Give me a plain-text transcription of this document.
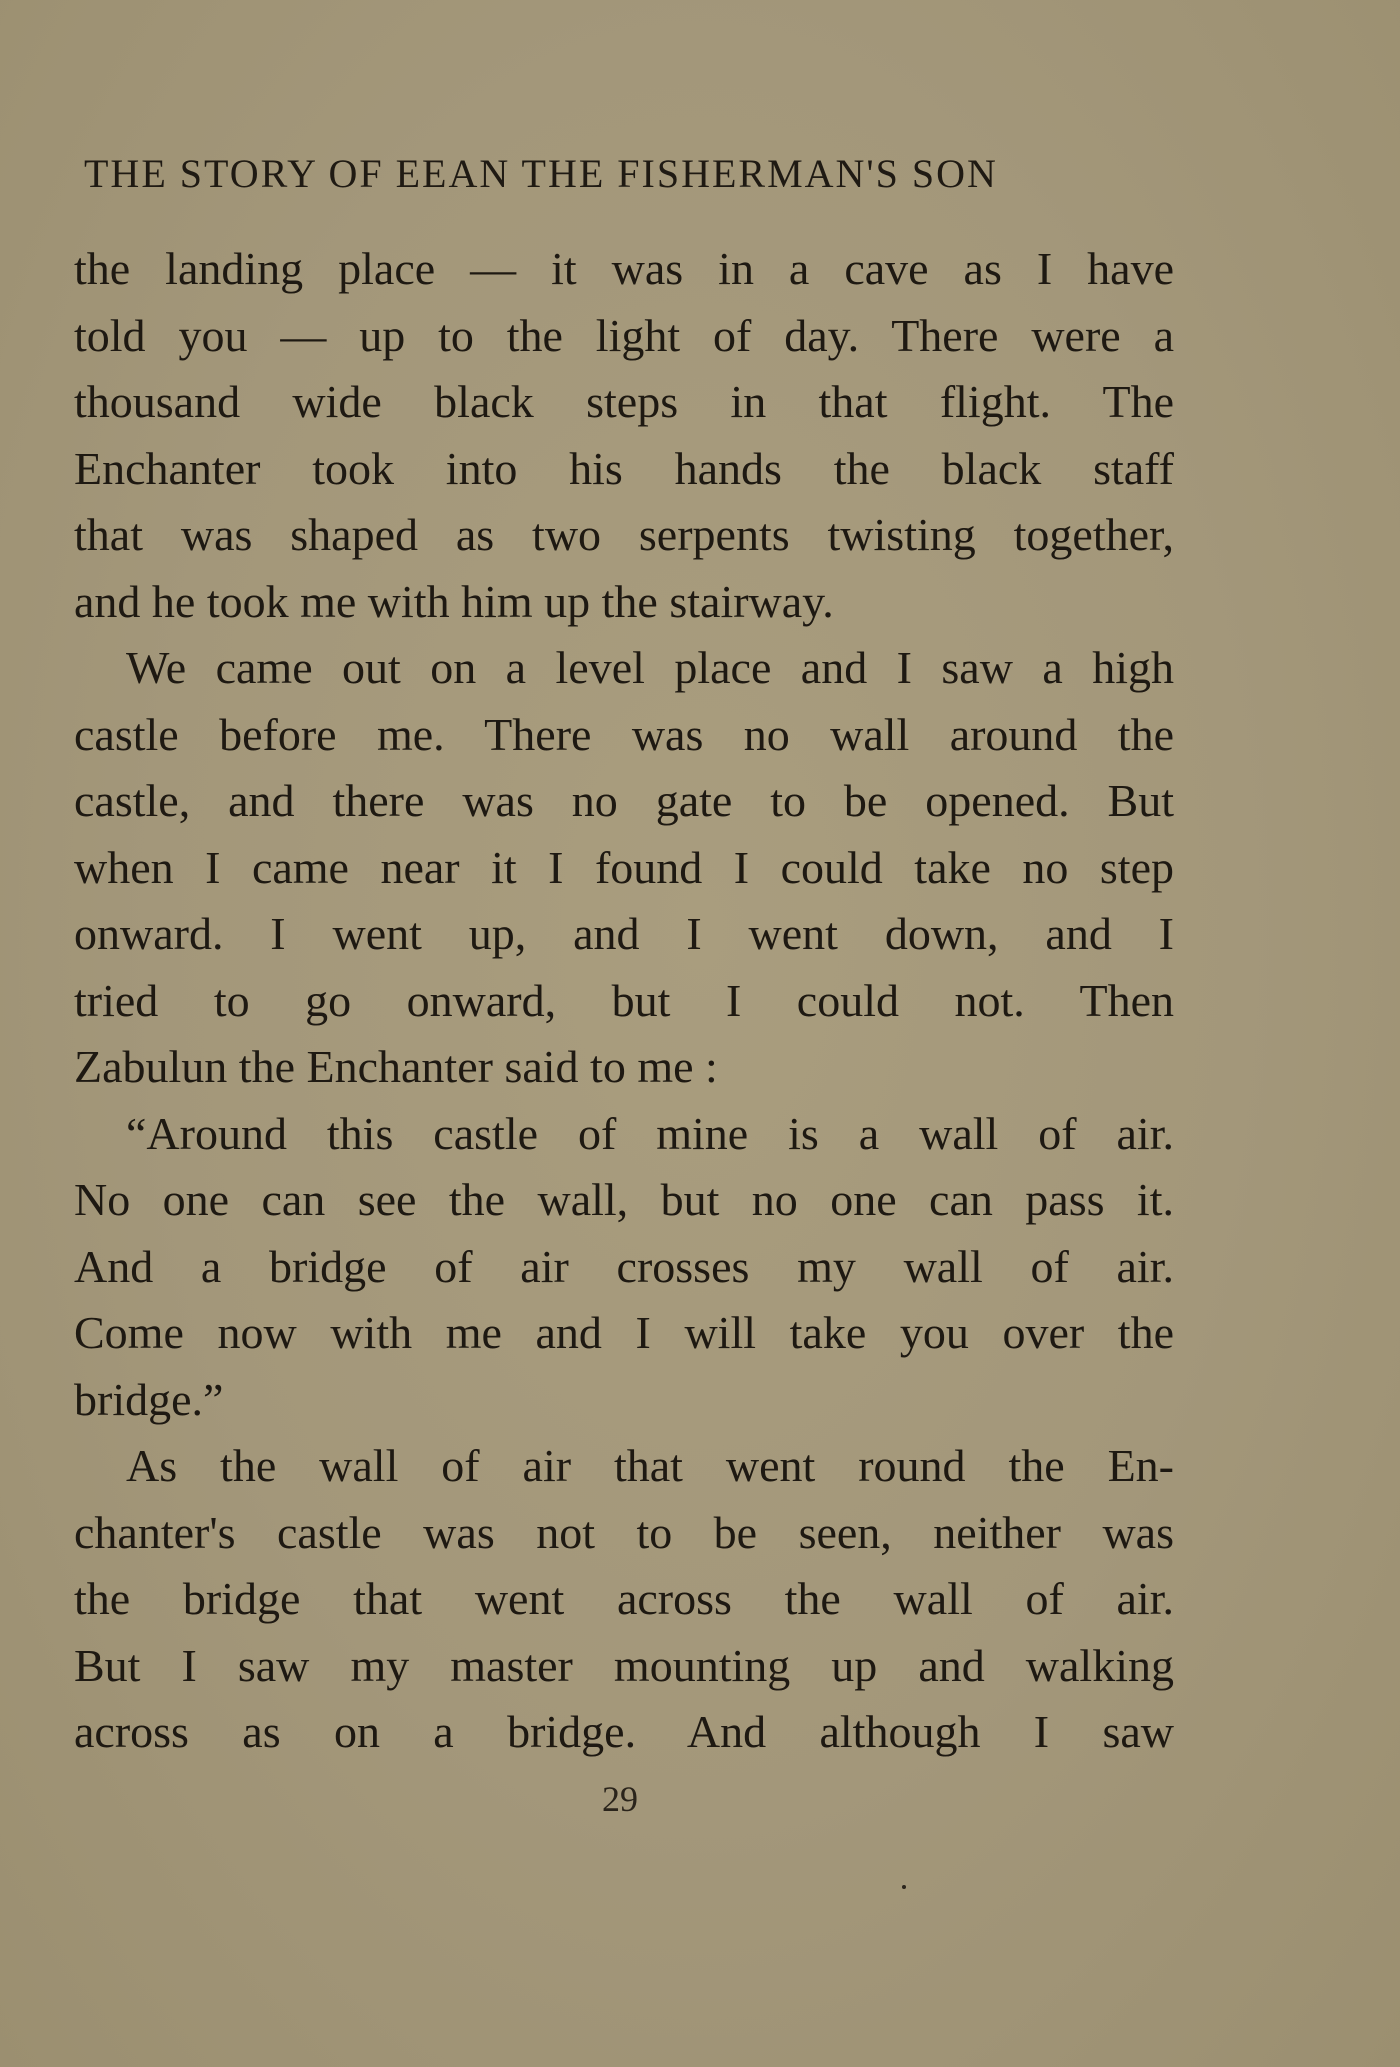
THE STORY OF EEAN THE FISHERMAN'S SON
the landing place — it was in a cave as I have
told you — up to the light of day. There were a
thousand wide black steps in that flight. The
Enchanter took into his hands the black staff
that was shaped as two serpents twisting together,
and he took me with him up the stairway.
We came out on a level place and I saw a high
castle before me. There was no wall around the
castle, and there was no gate to be opened. But
when I came near it I found I could take no step
onward. I went up, and I went down, and I
tried to go onward, but I could not. Then
Zabulun the Enchanter said to me :
“Around this castle of mine is a wall of air.
No one can see the wall, but no one can pass it.
And a bridge of air crosses my wall of air.
Come now with me and I will take you over the
bridge.”
As the wall of air that went round the En-
chanter's castle was not to be seen, neither was
the bridge that went across the wall of air.
But I saw my master mounting up and walking
across as on a bridge. And although I saw
29
